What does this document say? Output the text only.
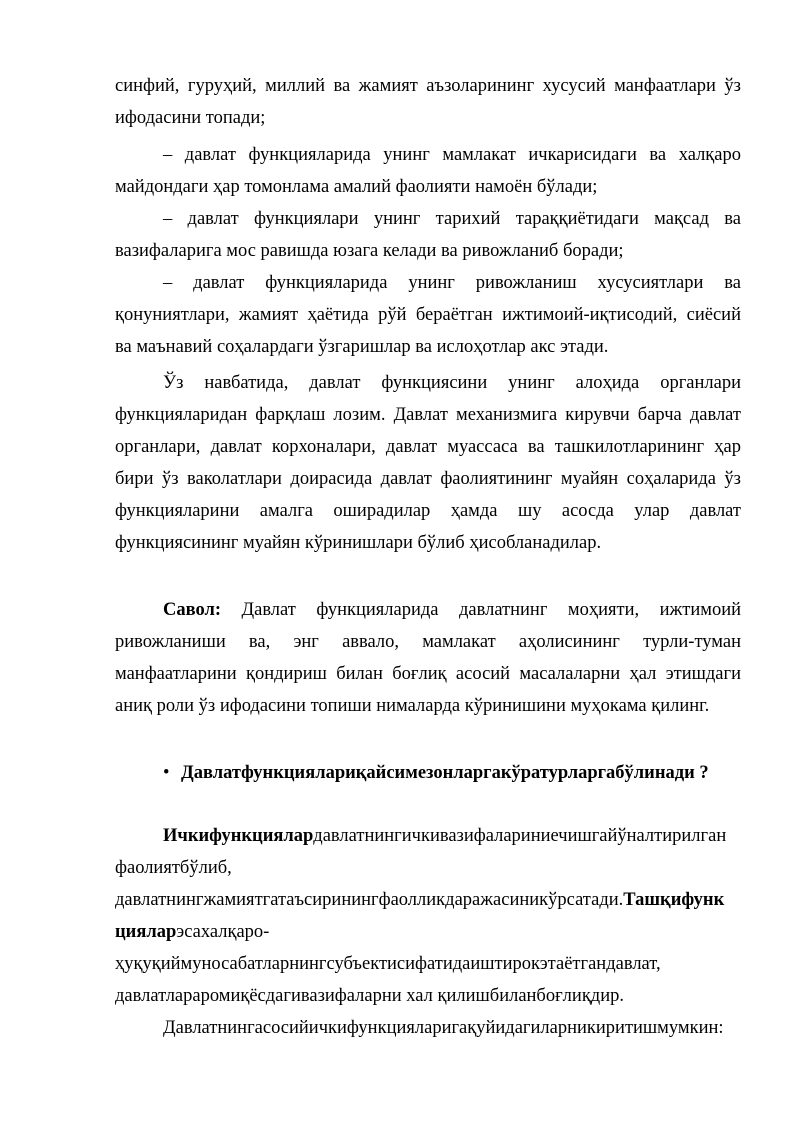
синфий, гуруҳий, миллий ва жамият аъзоларининг хусусий манфаатлари ўз
ифодасини топади;
– давлат функцияларида унинг мамлакат ичкарисидаги ва халқаро
майдондаги ҳар томонлама амалий фаолияти намоён бўлади;
– давлат функциялари унинг тарихий тараққиётидаги мақсад ва
вазифаларига мос равишда юзага келади ва ривожланиб боради;
– давлат функцияларида унинг ривожланиш хусусиятлари ва
қонуниятлари, жамият ҳаётида рўй бераётган ижтимоий-иқтисодий, сиёсий
ва маънавий соҳалардаги ўзгаришлар ва ислоҳотлар акс этади.
Ўз навбатида, давлат функциясини унинг алоҳида органлари
функцияларидан фарқлаш лозим. Давлат механизмига кирувчи барча давлат
органлари, давлат корхоналари, давлат муассаса ва ташкилотларининг ҳар
бири ўз ваколатлари доирасида давлат фаолиятининг муайян соҳаларида ўз
функцияларини амалга оширадилар ҳамда шу асосда улар давлат
функциясининг муайян кўринишлари бўлиб ҳисобланадилар.
Савол: Давлат функцияларида давлатнинг моҳияти, ижтимоий
ривожланиши ва, энг аввало, мамлакат аҳолисининг турли-туман
манфаатларини қондириш билан боғлиқ асосий масалаларни ҳал этишдаги
аниқ роли ўз ифодасини топиши нималарда кўринишини муҳокама қилинг.
• Давлатфункциялариқайсимезонларгакўратурларгабўлинади ?
Ичкифункциялардавлатнингичкивазифаларини​ечишгайўналтирилган
фаолиятбўлиб,
давлатнингжамиятгатаъсирининг​фаолликдаражасиникўрсатади.Ташқифунк
цияларэсахалқаро-
ҳуқуқиймуносабатларнинг​субъектисифатидаиштирокэтаётгандавлат,
давлатлараромиқёсдагивазифаларни хал қилишбиланбоғлиқдир.
Давлатнингасосийичкифункцияларигақуйидагиларникиритишмумкин:
